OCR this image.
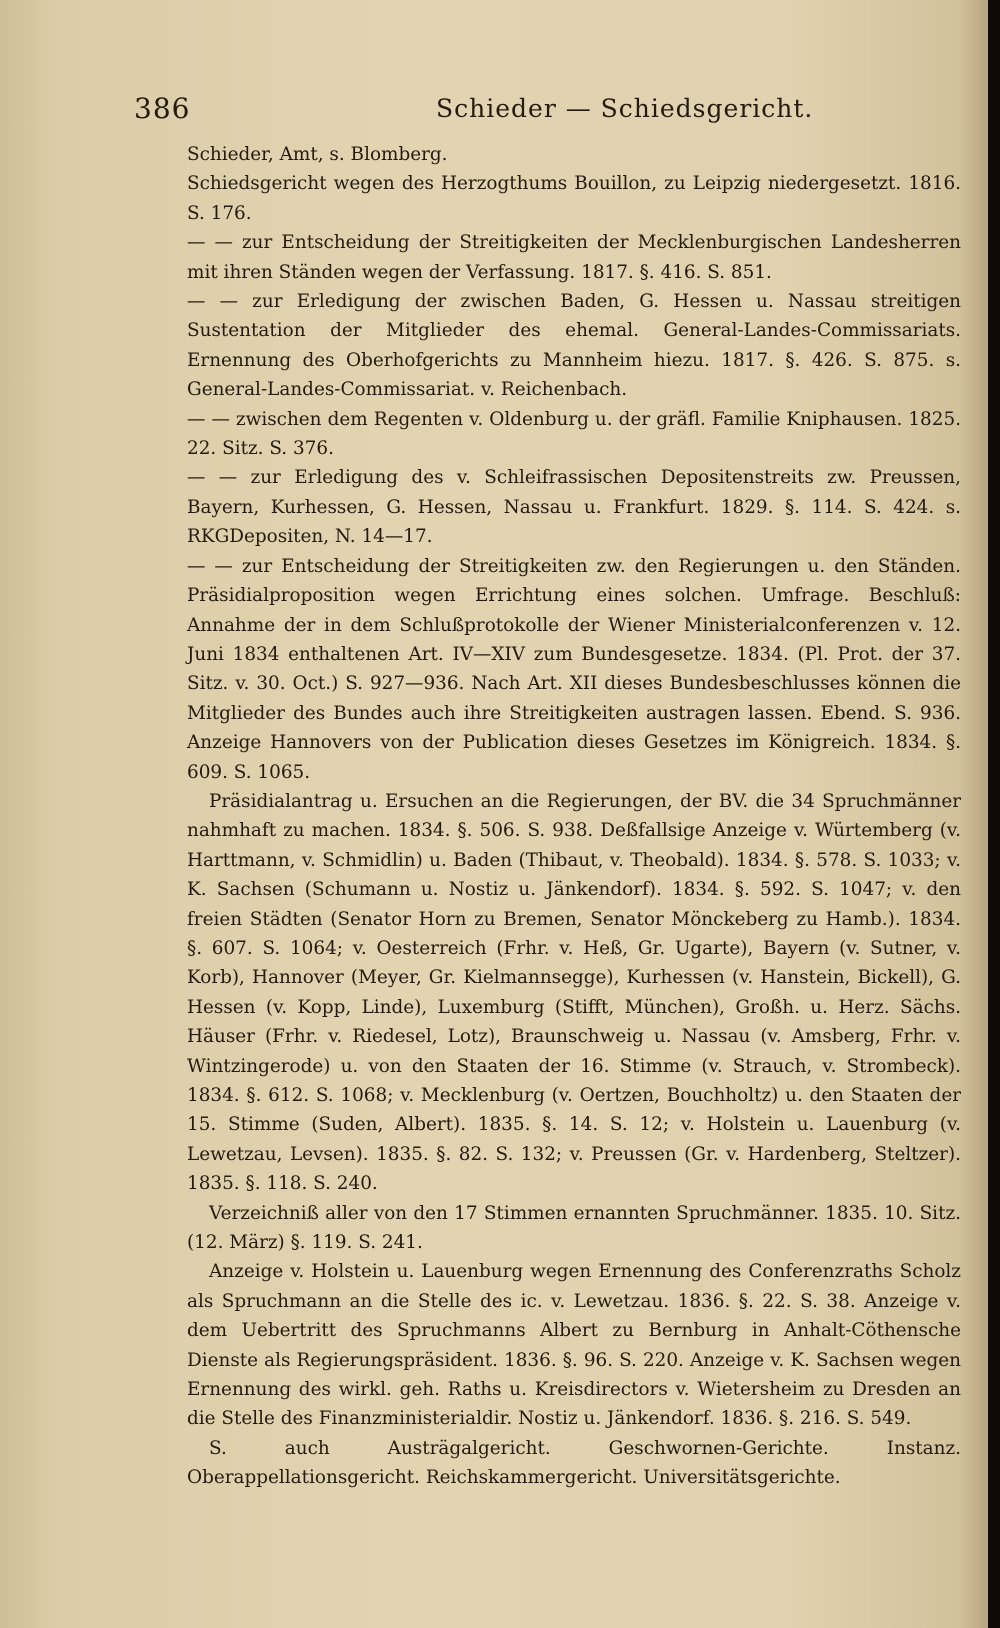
386	Schieder — Schiedsgericht.

Schieder, Amt, s. Blomberg.

Schiedsgericht wegen des Herzogthums Bouillon, zu Leipzig niedergesetzt. 1816. S. 176.

— — zur Entscheidung der Streitigkeiten der Mecklenburgischen Landesherren mit ihren Ständen wegen der Verfassung. 1817. §. 416. S. 851.

— — zur Erledigung der zwischen Baden, G. Hessen u. Nassau streitigen Sustentation der Mitglieder des ehemal. General-Landes-Commissariats. Ernennung des Oberhofgerichts zu Mannheim hiezu. 1817. §. 426. S. 875. s. General-Landes-Commissariat. v. Reichenbach.

— — zwischen dem Regenten v. Oldenburg u. der gräfl. Familie Kniphausen. 1825. 22. Sitz. S. 376.

— — zur Erledigung des v. Schleifrassischen Depositenstreits zw. Preussen, Bayern, Kurhessen, G. Hessen, Nassau u. Frankfurt. 1829. §. 114. S. 424. s. RKGDepositen, N. 14—17.

— — zur Entscheidung der Streitigkeiten zw. den Regierungen u. den Ständen. Präsidialproposition wegen Errichtung eines solchen. Umfrage. Beschluß: Annahme der in dem Schlußprotokolle der Wiener Ministerialconferenzen v. 12. Juni 1834 enthaltenen Art. IV—XIV zum Bundesgesetze. 1834. (Pl. Prot. der 37. Sitz. v. 30. Oct.) S. 927—936. Nach Art. XII dieses Bundesbeschlusses können die Mitglieder des Bundes auch ihre Streitigkeiten austragen lassen. Ebend. S. 936. Anzeige Hannovers von der Publication dieses Gesetzes im Königreich. 1834. §. 609. S. 1065.

Präsidialantrag u. Ersuchen an die Regierungen, der BV. die 34 Spruchmänner nahmhaft zu machen. 1834. §. 506. S. 938. Deßfallsige Anzeige v. Würtemberg (v. Harttmann, v. Schmidlin) u. Baden (Thibaut, v. Theobald). 1834. §. 578. S. 1033; v. K. Sachsen (Schumann u. Nostiz u. Jänkendorf). 1834. §. 592. S. 1047; v. den freien Städten (Senator Horn zu Bremen, Senator Mönckeberg zu Hamb.). 1834. §. 607. S. 1064; v. Oesterreich (Frhr. v. Heß, Gr. Ugarte), Bayern (v. Sutner, v. Korb), Hannover (Meyer, Gr. Kielmannsegge), Kurhessen (v. Hanstein, Bickell), G. Hessen (v. Kopp, Linde), Luxemburg (Stifft, München), Großh. u. Herz. Sächs. Häuser (Frhr. v. Riedesel, Lotz), Braunschweig u. Nassau (v. Amsberg, Frhr. v. Wintzingerode) u. von den Staaten der 16. Stimme (v. Strauch, v. Strombeck). 1834. §. 612. S. 1068; v. Mecklenburg (v. Oertzen, Bouchholtz) u. den Staaten der 15. Stimme (Suden, Albert). 1835. §. 14. S. 12; v. Holstein u. Lauenburg (v. Lewetzau, Levsen). 1835. §. 82. S. 132; v. Preussen (Gr. v. Hardenberg, Steltzer). 1835. §. 118. S. 240.

Verzeichniß aller von den 17 Stimmen ernannten Spruchmänner. 1835. 10. Sitz. (12. März) §. 119. S. 241.

Anzeige v. Holstein u. Lauenburg wegen Ernennung des Conferenzraths Scholz als Spruchmann an die Stelle des ic. v. Lewetzau. 1836. §. 22. S. 38. Anzeige v. dem Uebertritt des Spruchmanns Albert zu Bernburg in Anhalt-Cöthensche Dienste als Regierungspräsident. 1836. §. 96. S. 220. Anzeige v. K. Sachsen wegen Ernennung des wirkl. geh. Raths u. Kreisdirectors v. Wietersheim zu Dresden an die Stelle des Finanzministerialdir. Nostiz u. Jänkendorf. 1836. §. 216. S. 549.

S. auch Austrägalgericht. Geschwornen-Gerichte. Instanz. Oberappellationsgericht. Reichskammergericht. Universitätsgerichte.
